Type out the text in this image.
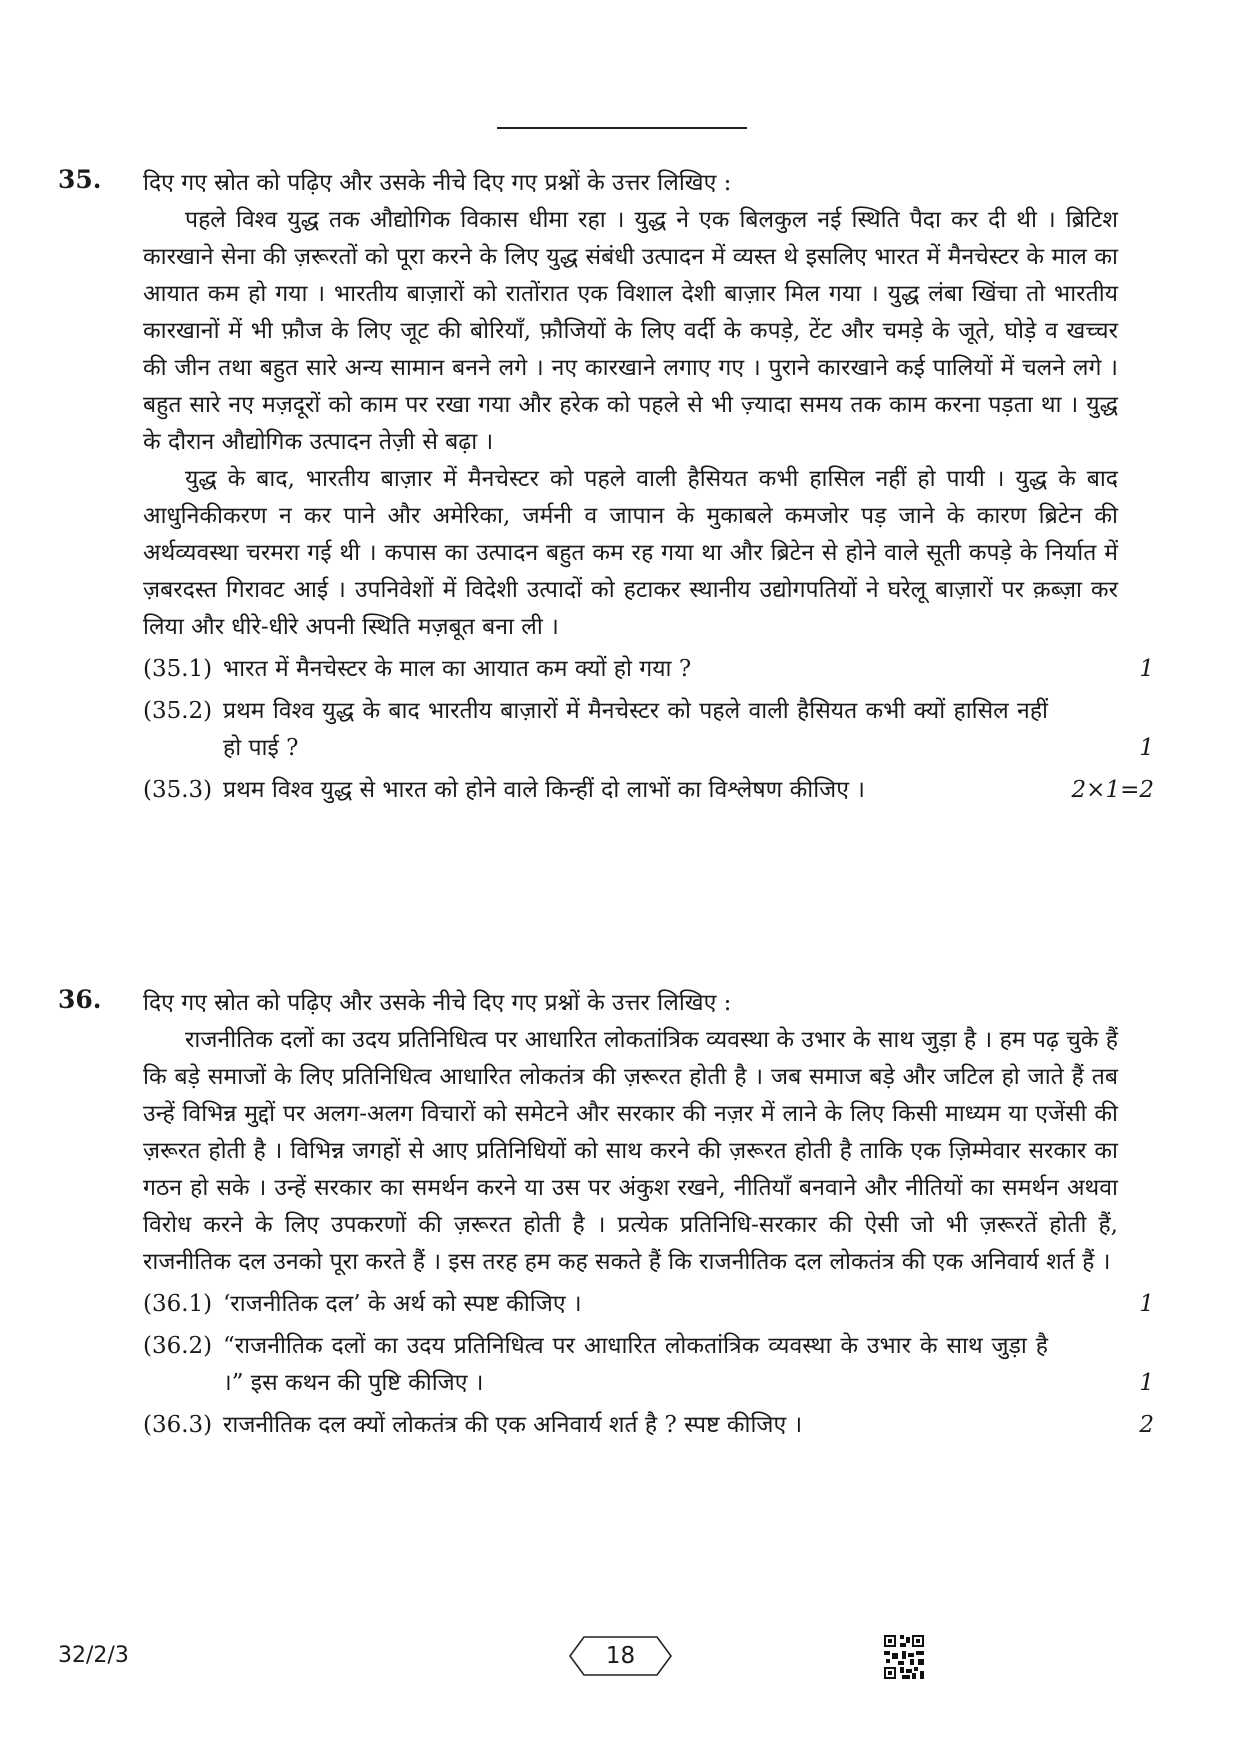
35. दिए गए स्रोत को पढ़िए और उसके नीचे दिए गए प्रश्नों के उत्तर लिखिए :

पहले विश्व युद्ध तक औद्योगिक विकास धीमा रहा । युद्ध ने एक बिलकुल नई स्थिति पैदा कर दी थी । ब्रिटिश कारखाने सेना की ज़रूरतों को पूरा करने के लिए युद्ध संबंधी उत्पादन में व्यस्त थे इसलिए भारत में मैनचेस्टर के माल का आयात कम हो गया । भारतीय बाज़ारों को रातोंरात एक विशाल देशी बाज़ार मिल गया । युद्ध लंबा खिंचा तो भारतीय कारखानों में भी फ़ौज के लिए जूट की बोरियाँ, फ़ौजियों के लिए वर्दी के कपड़े, टेंट और चमड़े के जूते, घोड़े व खच्चर की जीन तथा बहुत सारे अन्य सामान बनने लगे । नए कारखाने लगाए गए । पुराने कारखाने कई पालियों में चलने लगे । बहुत सारे नए मज़दूरों को काम पर रखा गया और हरेक को पहले से भी ज़्यादा समय तक काम करना पड़ता था । युद्ध के दौरान औद्योगिक उत्पादन तेज़ी से बढ़ा ।

युद्ध के बाद, भारतीय बाज़ार में मैनचेस्टर को पहले वाली हैसियत कभी हासिल नहीं हो पायी । युद्ध के बाद आधुनिकीकरण न कर पाने और अमेरिका, जर्मनी व जापान के मुकाबले कमजोर पड़ जाने के कारण ब्रिटेन की अर्थव्यवस्था चरमरा गई थी । कपास का उत्पादन बहुत कम रह गया था और ब्रिटेन से होने वाले सूती कपड़े के निर्यात में ज़बरदस्त गिरावट आई । उपनिवेशों में विदेशी उत्पादों को हटाकर स्थानीय उद्योगपतियों ने घरेलू बाज़ारों पर क़ब्ज़ा कर लिया और धीरे-धीरे अपनी स्थिति मज़बूत बना ली ।

(35.1) भारत में मैनचेस्टर के माल का आयात कम क्यों हो गया ?	1
(35.2) प्रथम विश्व युद्ध के बाद भारतीय बाज़ारों में मैनचेस्टर को पहले वाली हैसियत कभी क्यों हासिल नहीं हो पाई ?	1
(35.3) प्रथम विश्व युद्ध से भारत को होने वाले किन्हीं दो लाभों का विश्लेषण कीजिए ।	2×1=2
36. दिए गए स्रोत को पढ़िए और उसके नीचे दिए गए प्रश्नों के उत्तर लिखिए :

राजनीतिक दलों का उदय प्रतिनिधित्व पर आधारित लोकतांत्रिक व्यवस्था के उभार के साथ जुड़ा है । हम पढ़ चुके हैं कि बड़े समाजों के लिए प्रतिनिधित्व आधारित लोकतंत्र की ज़रूरत होती है । जब समाज बड़े और जटिल हो जाते हैं तब उन्हें विभिन्न मुद्दों पर अलग-अलग विचारों को समेटने और सरकार की नज़र में लाने के लिए किसी माध्यम या एजेंसी की ज़रूरत होती है । विभिन्न जगहों से आए प्रतिनिधियों को साथ करने की ज़रूरत होती है ताकि एक ज़िम्मेवार सरकार का गठन हो सके । उन्हें सरकार का समर्थन करने या उस पर अंकुश रखने, नीतियाँ बनवाने और नीतियों का समर्थन अथवा विरोध करने के लिए उपकरणों की ज़रूरत होती है । प्रत्येक प्रतिनिधि-सरकार की ऐसी जो भी ज़रूरतें होती हैं, राजनीतिक दल उनको पूरा करते हैं । इस तरह हम कह सकते हैं कि राजनीतिक दल लोकतंत्र की एक अनिवार्य शर्त हैं ।

(36.1) ‘राजनीतिक दल’ के अर्थ को स्पष्ट कीजिए ।	1
(36.2) “राजनीतिक दलों का उदय प्रतिनिधित्व पर आधारित लोकतांत्रिक व्यवस्था के उभार के साथ जुड़ा है ।” इस कथन की पुष्टि कीजिए ।	1
(36.3) राजनीतिक दल क्यों लोकतंत्र की एक अनिवार्य शर्त है ? स्पष्ट कीजिए ।	2
32/2/3	18
